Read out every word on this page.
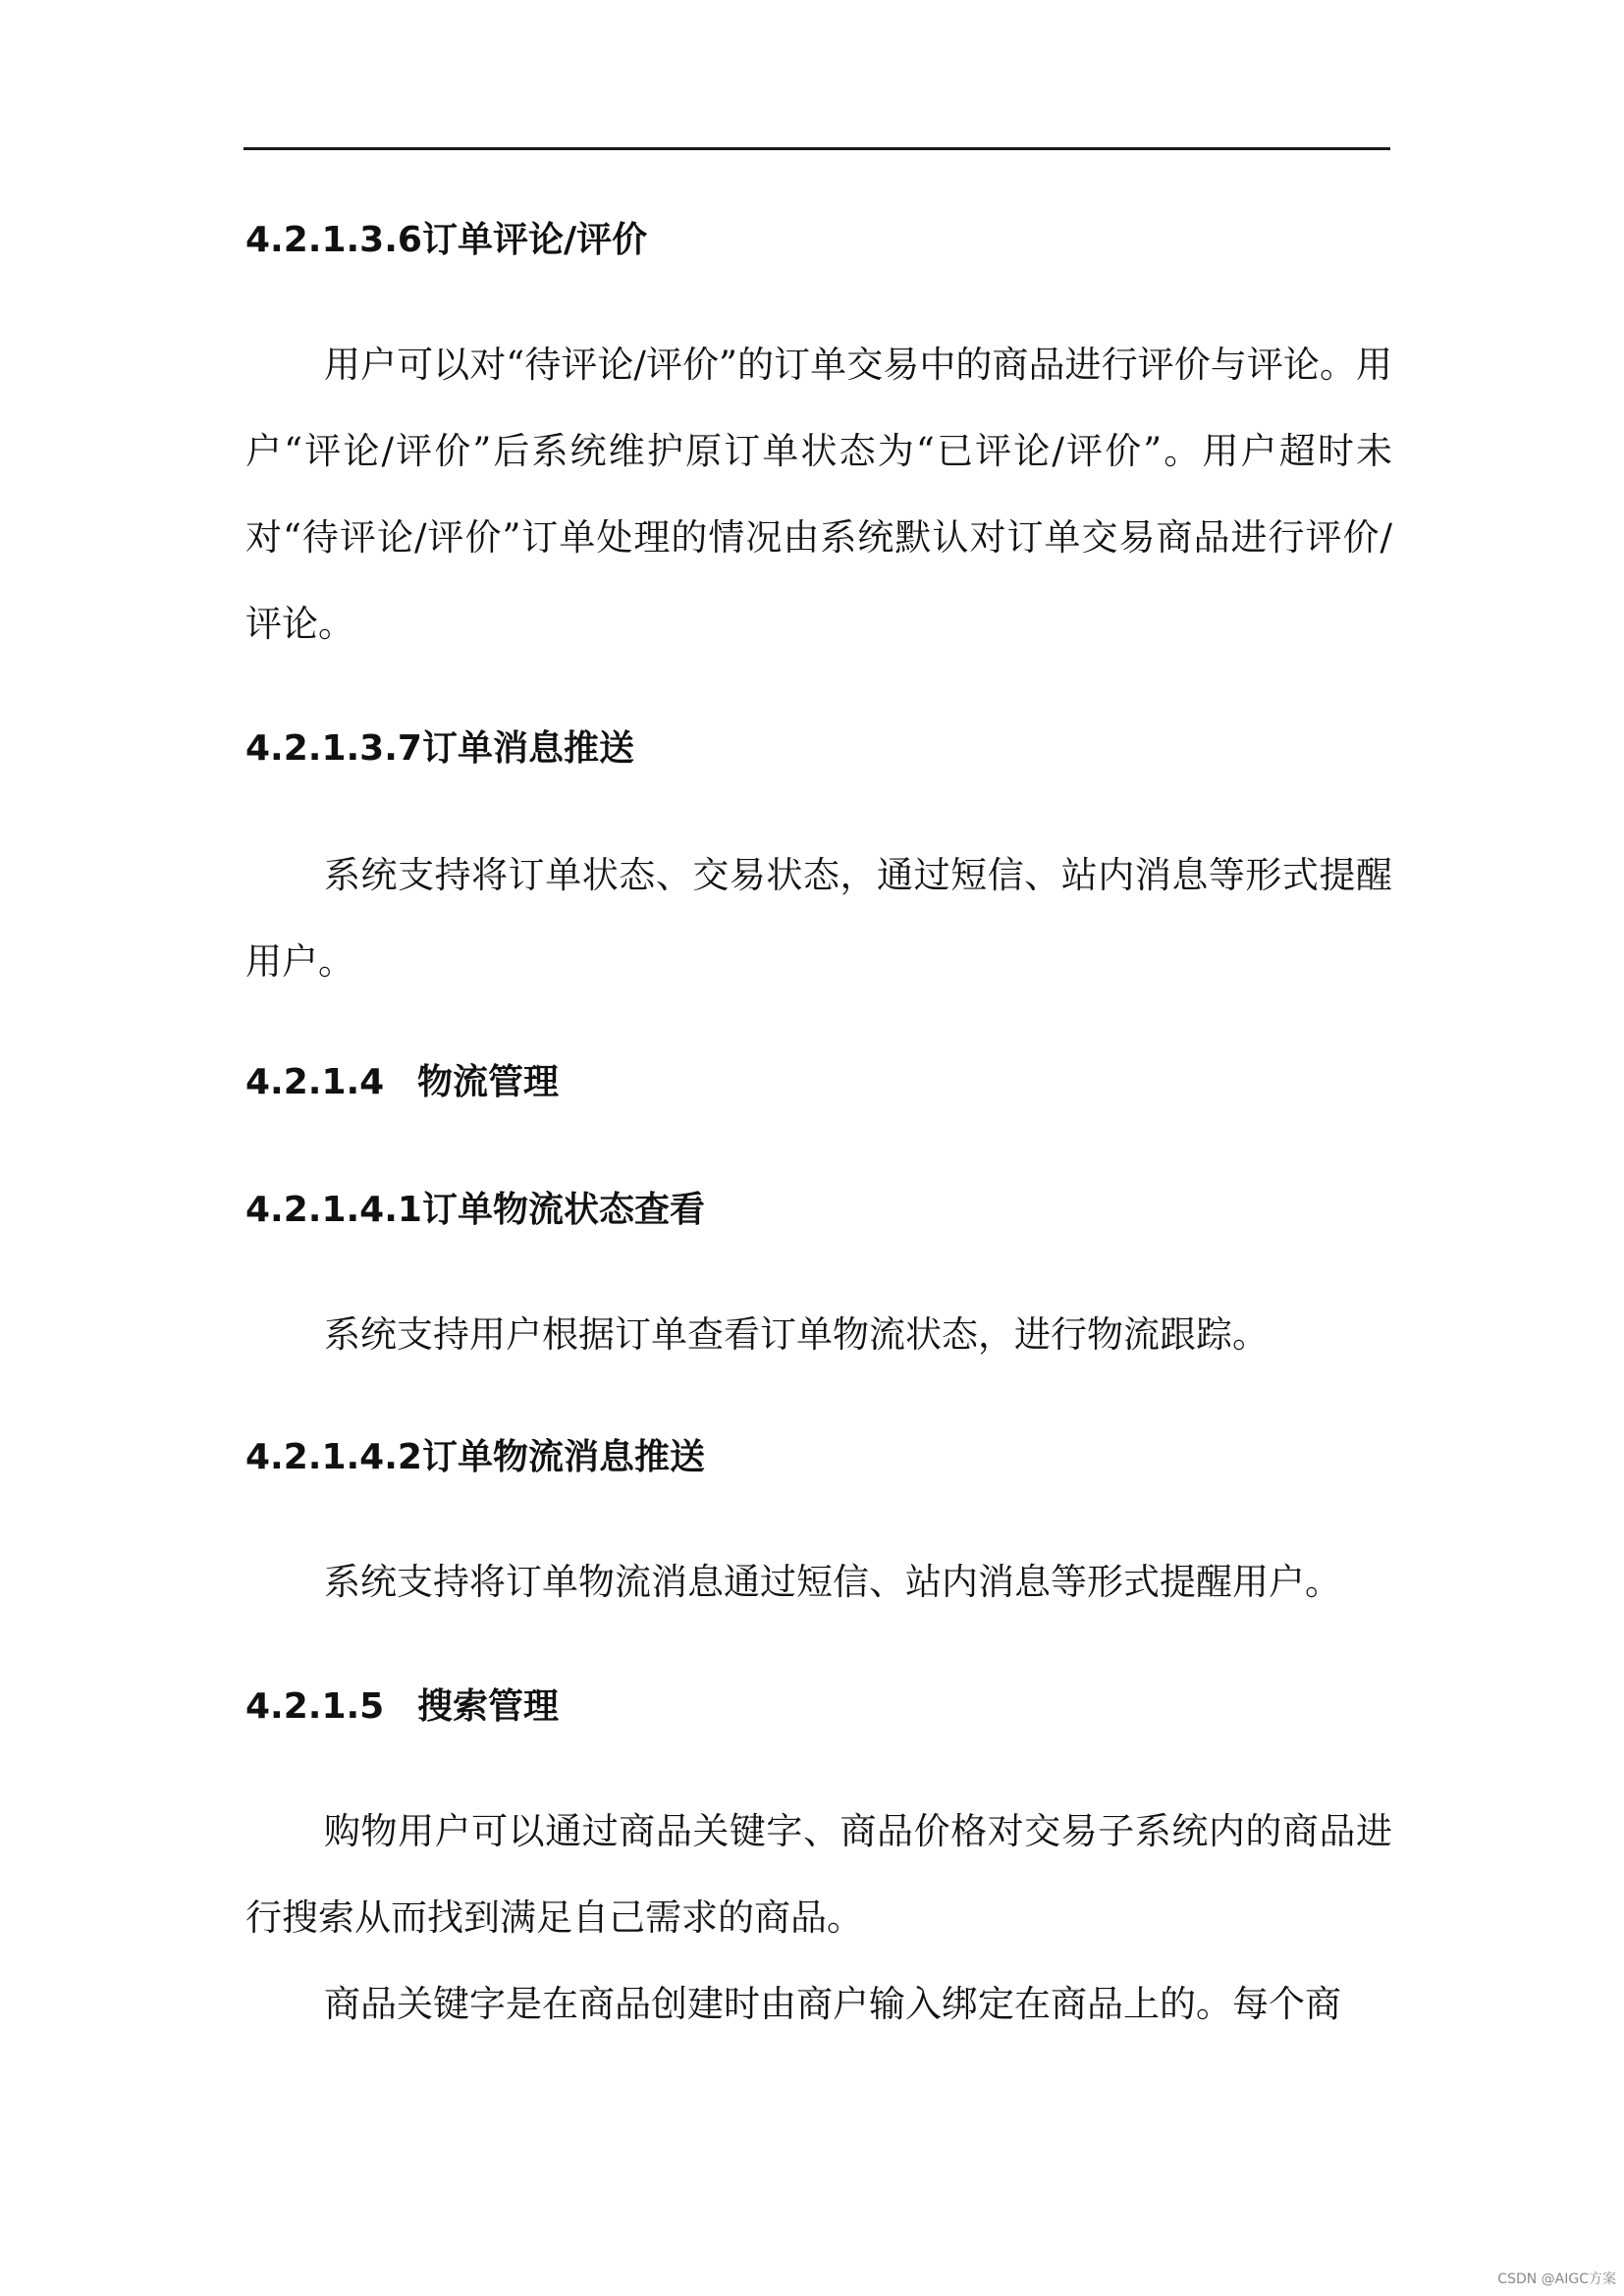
4.2.1.3.6 订单评论/评价

用户可以对“待评论/评价”的订单交易中的商品进行评价与评论。用户“评论/评价”后系统维护原订单状态为“已评论/评价”。用户超时未对“待评论/评价”订单处理的情况由系统默认对订单交易商品进行评价/评论。

4.2.1.3.7 订单消息推送

系统支持将订单状态、交易状态，通过短信、站内消息等形式提醒用户。

4.2.1.4 物流管理
4.2.1.4.1 订单物流状态查看

系统支持用户根据订单查看订单物流状态，进行物流跟踪。

4.2.1.4.2 订单物流消息推送

系统支持将订单物流消息通过短信、站内消息等形式提醒用户。

4.2.1.5 搜索管理

购物用户可以通过商品关键字、商品价格对交易子系统内的商品进行搜索从而找到满足自己需求的商品。

商品关键字是在商品创建时由商户输入绑定在商品上的。每个商

CSDN @AIGC方案
